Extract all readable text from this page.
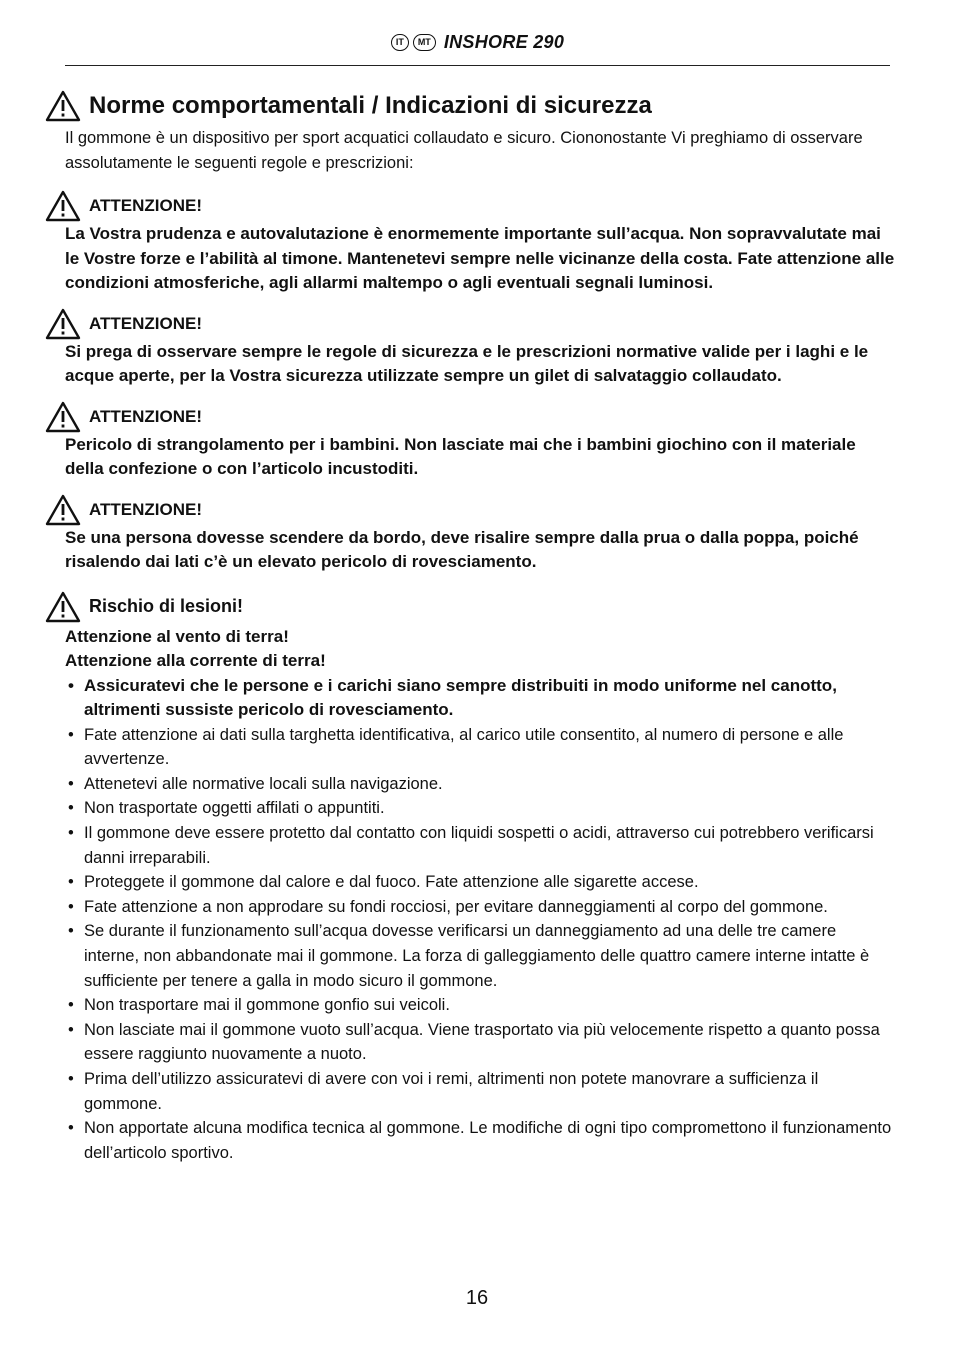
IT	MT INSHORE 290
Norme comportamentali / Indicazioni di sicurezza

Il gommone è un dispositivo per sport acquatici collaudato e sicuro. Ciononostante Vi preghiamo di osservare assolutamente le seguenti regole e prescrizioni:

ATTENZIONE!

La Vostra prudenza e autovalutazione è enormemente importante sull’acqua. Non sopravvalutate mai le Vostre forze e l’abilità al timone. Mantenetevi sempre nelle vicinanze della costa. Fate attenzione alle condizioni atmosferiche, agli allarmi maltempo o agli eventuali segnali luminosi.

ATTENZIONE!

Si prega di osservare sempre le regole di sicurezza e le prescrizioni normative valide per i laghi e le acque aperte, per la Vostra sicurezza utilizzate sempre un gilet di salvataggio collaudato.

ATTENZIONE!

Pericolo di strangolamento per i bambini. Non lasciate mai che i bambini giochino con il materiale della confezione o con l’articolo incustoditi.

ATTENZIONE!

Se una persona dovesse scendere da bordo, deve risalire sempre dalla prua o dalla poppa, poiché risalendo dai lati c’è un elevato pericolo di rovesciamento.

Rischio di lesioni!

Attenzione al vento di terra!

Attenzione alla corrente di terra!

• Assicuratevi che le persone e i carichi siano sempre distribuiti in modo uniforme nel canotto, altrimenti sussiste pericolo di rovesciamento.
• Fate attenzione ai dati sulla targhetta identificativa, al carico utile consentito, al numero di persone e alle avvertenze.
• Attenetevi alle normative locali sulla navigazione.
• Non trasportate oggetti affilati o appuntiti.
• Il gommone deve essere protetto dal contatto con liquidi sospetti o acidi, attraverso cui potrebbero verificarsi danni irreparabili.
• Proteggete il gommone dal calore e dal fuoco. Fate attenzione alle sigarette accese.
• Fate attenzione a non approdare su fondi rocciosi, per evitare danneggiamenti al corpo del gommone.
• Se durante il funzionamento sull’acqua dovesse verificarsi un danneggiamento ad una delle tre camere interne, non abbandonate mai il gommone. La forza di galleggiamento delle quattro camere interne intatte è sufficiente per tenere a galla in modo sicuro il gommone.
• Non trasportare mai il gommone gonfio sui veicoli.
• Non lasciate mai il gommone vuoto sull’acqua. Viene trasportato via più velocemente rispetto a quanto possa essere raggiunto nuovamente a nuoto.
• Prima dell’utilizzo assicuratevi di avere con voi i remi, altrimenti non potete manovrare a sufficienza il gommone.
• Non apportate alcuna modifica tecnica al gommone. Le modifiche di ogni tipo compromettono il funzionamento dell’articolo sportivo.
16
